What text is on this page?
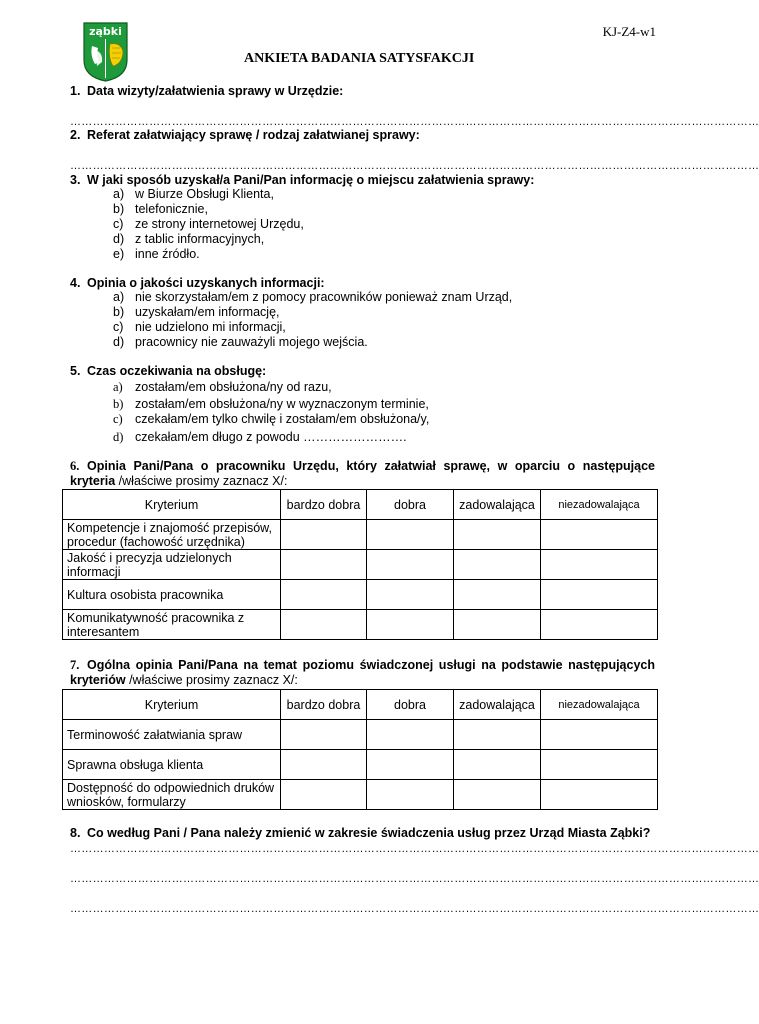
ząbki	KJ-Z4-w1
ANKIETA BADANIA SATYSFAKCJI
1. Data wizyty/załatwienia sprawy w Urzędzie:
…………………………………………………………………………………………………………………………………………………………………
2. Referat załatwiający sprawę / rodzaj załatwianej sprawy:
…………………………………………………………………………………………………………………………………………………………………
3. W jaki sposób uzyskał/a Pani/Pan informację o miejscu załatwienia sprawy:
a) w Biurze Obsługi Klienta,
b) telefonicznie,
c) ze strony internetowej Urzędu,
d) z tablic informacyjnych,
e) inne źródło.
4. Opinia o jakości uzyskanych informacji:
a) nie skorzystałam/em z pomocy pracowników ponieważ znam Urząd,
b) uzyskałam/em informację,
c) nie udzielono mi informacji,
d) pracownicy nie zauważyli mojego wejścia.
5. Czas oczekiwania na obsługę:
a) zostałam/em obsłużona/ny od razu,
b) zostałam/em obsłużona/ny w wyznaczonym terminie,
c) czekałam/em tylko chwilę i zostałam/em obsłużona/y,
d) czekałam/em długo z powodu …………………….
6. Opinia Pani/Pana o pracowniku Urzędu, który załatwiał sprawę, w oparciu o następujące kryteria /właściwe prosimy zaznacz X/:
Kryterium	bardzo dobra	dobra	zadowalająca	niezadowalająca
Kompetencje i znajomość przepisów, procedur (fachowość urzędnika)				
Jakość i precyzja udzielonych informacji				
Kultura osobista pracownika				
Komunikatywność pracownika z interesantem				
7. Ogólna opinia Pani/Pana na temat poziomu świadczonej usługi na podstawie następujących kryteriów /właściwe prosimy zaznacz X/:
Kryterium	bardzo dobra	dobra	zadowalająca	niezadowalająca
Terminowość załatwiania spraw				
Sprawna obsługa klienta				
Dostępność do odpowiednich druków wniosków, formularzy				
8. Co według Pani / Pana należy zmienić w zakresie świadczenia usług przez Urząd Miasta Ząbki?
…………………………………………………………………………………………………………………………………………………………………
…………………………………………………………………………………………………………………………………………………………………
…………………………………………………………………………………………………………………………………………………………………
